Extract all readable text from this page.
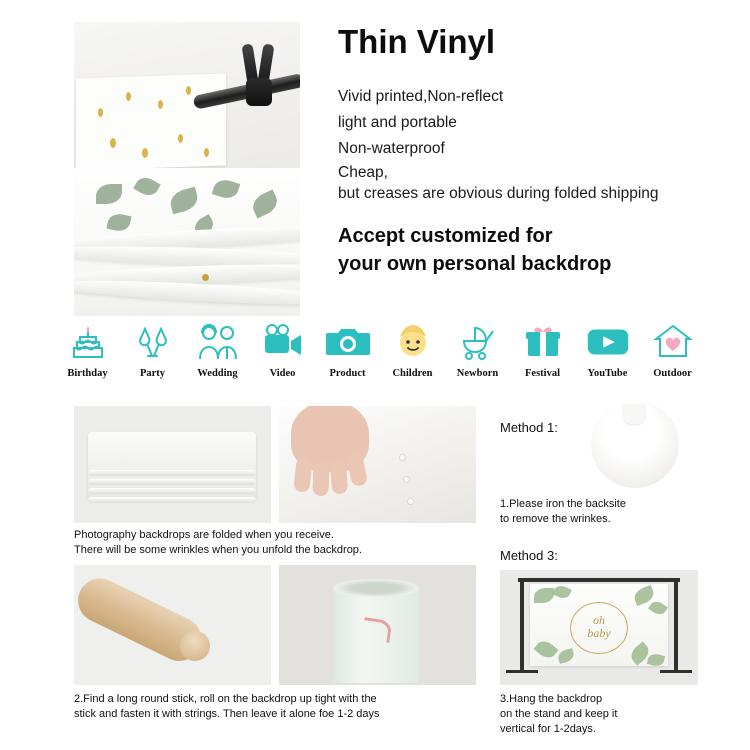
Thin Vinyl
Vivid printed,Non-reflect
light and portable
Non-waterproof
Cheap,
but creases are obvious during folded shipping
Accept customized for
your own personal backdrop
Birthday	Party	Wedding	Video	Product	Children Newborn	Festival	YouTube Outdoor
Photography backdrops are folded when you receive.
There will be some wrinkles when you unfold the backdrop.
2.Find a long round stick, roll on the backdrop up tight with the
stick and fasten it with strings. Then leave it alone foe 1-2 days
Method 1:
1.Please iron the backsite
to remove the wrinkes.
Method 3:
oh
baby
3.Hang the backdrop
on the stand and keep it
vertical for 1-2days.
